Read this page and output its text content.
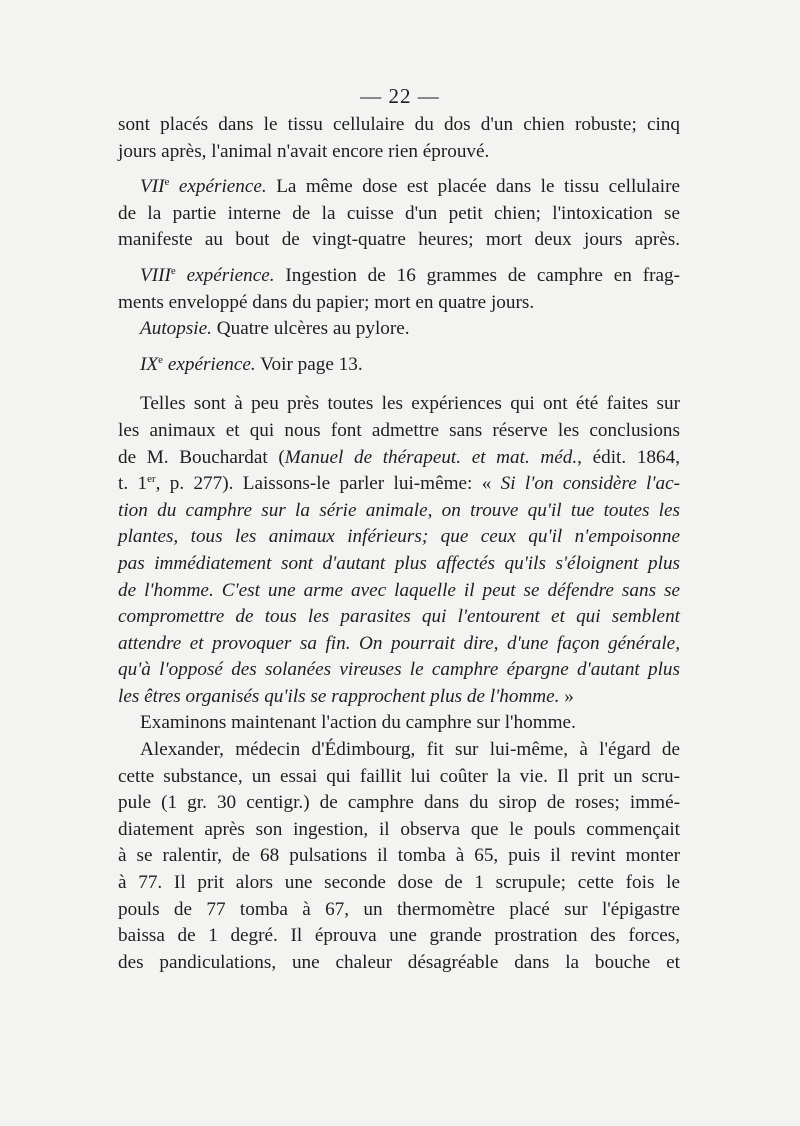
— 22 —
sont placés dans le tissu cellulaire du dos d'un chien robuste; cinq
jours après, l'animal n'avait encore rien éprouvé.
VIIe expérience. La même dose est placée dans le tissu cellulaire
de la partie interne de la cuisse d'un petit chien; l'intoxication se
manifeste au bout de vingt-quatre heures; mort deux jours après.
VIIIe expérience. Ingestion de 16 grammes de camphre en frag-
ments enveloppé dans du papier; mort en quatre jours.
Autopsie. Quatre ulcères au pylore.
IXe expérience. Voir page 13.
Telles sont à peu près toutes les expériences qui ont été faites sur
les animaux et qui nous font admettre sans réserve les conclusions
de M. Bouchardat (Manuel de thérapeut. et mat. méd., édit. 1864,
t. 1er, p. 277). Laissons-le parler lui-même: « Si l'on considère l'ac-
tion du camphre sur la série animale, on trouve qu'il tue toutes les
plantes, tous les animaux inférieurs; que ceux qu'il n'empoisonne
pas immédiatement sont d'autant plus affectés qu'ils s'éloignent plus
de l'homme. C'est une arme avec laquelle il peut se défendre sans se
compromettre de tous les parasites qui l'entourent et qui semblent
attendre et provoquer sa fin. On pourrait dire, d'une façon générale,
qu'à l'opposé des solanées vireuses le camphre épargne d'autant plus
les êtres organisés qu'ils se rapprochent plus de l'homme. »
Examinons maintenant l'action du camphre sur l'homme.
Alexander, médecin d'Édimbourg, fit sur lui-même, à l'égard de
cette substance, un essai qui faillit lui coûter la vie. Il prit un scru-
pule (1 gr. 30 centigr.) de camphre dans du sirop de roses; immé-
diatement après son ingestion, il observa que le pouls commençait
à se ralentir, de 68 pulsations il tomba à 65, puis il revint monter
à 77. Il prit alors une seconde dose de 1 scrupule; cette fois le
pouls de 77 tomba à 67, un thermomètre placé sur l'épigastre
baissa de 1 degré. Il éprouva une grande prostration des forces,
des pandiculations, une chaleur désagréable dans la bouche et
